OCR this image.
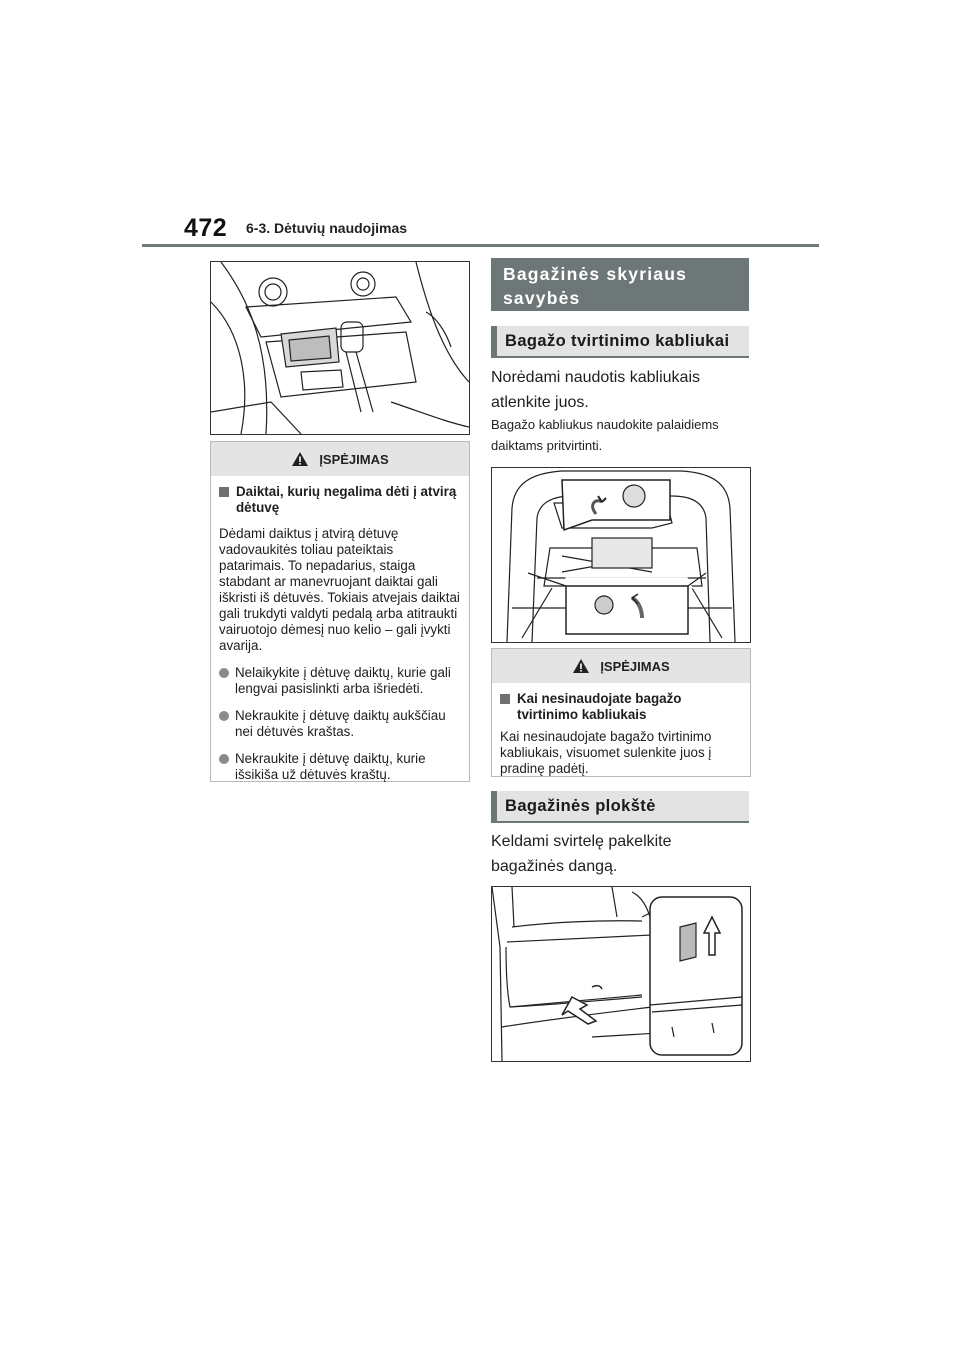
472 6-3. Dėtuvių naudojimas
ĮSPĖJIMAS
Daiktai, kurių negalima dėti į atvirą dėtuvę
Dėdami daiktus į atvirą dėtuvę vadovaukitės toliau pateiktais patarimais. To nepadarius, staiga stabdant ar manevruojant daiktai gali iškristi iš dėtuvės. Tokiais atvejais daiktai gali trukdyti valdyti pedalą arba atitraukti vairuotojo dėmesį nuo kelio – gali įvykti avarija.
Nelaikykite į dėtuvę daiktų, kurie gali lengvai pasislinkti arba išriedėti.
Nekraukite į dėtuvę daiktų aukščiau nei dėtuvės kraštas.
Nekraukite į dėtuvę daiktų, kurie išsikiša už dėtuvės kraštų.
Bagažinės skyriaus savybės
Bagažo tvirtinimo kabliukai
Norėdami naudotis kabliukais atlenkite juos.
Bagažo kabliukus naudokite palaidiems daiktams pritvirtinti.
ĮSPĖJIMAS
Kai nesinaudojate bagažo tvirtinimo kabliukais
Kai nesinaudojate bagažo tvirtinimo kabliukais, visuomet sulenkite juos į pradinę padėtį.
Bagažinės plokštė
Keldami svirtelę pakelkite bagažinės dangą.
